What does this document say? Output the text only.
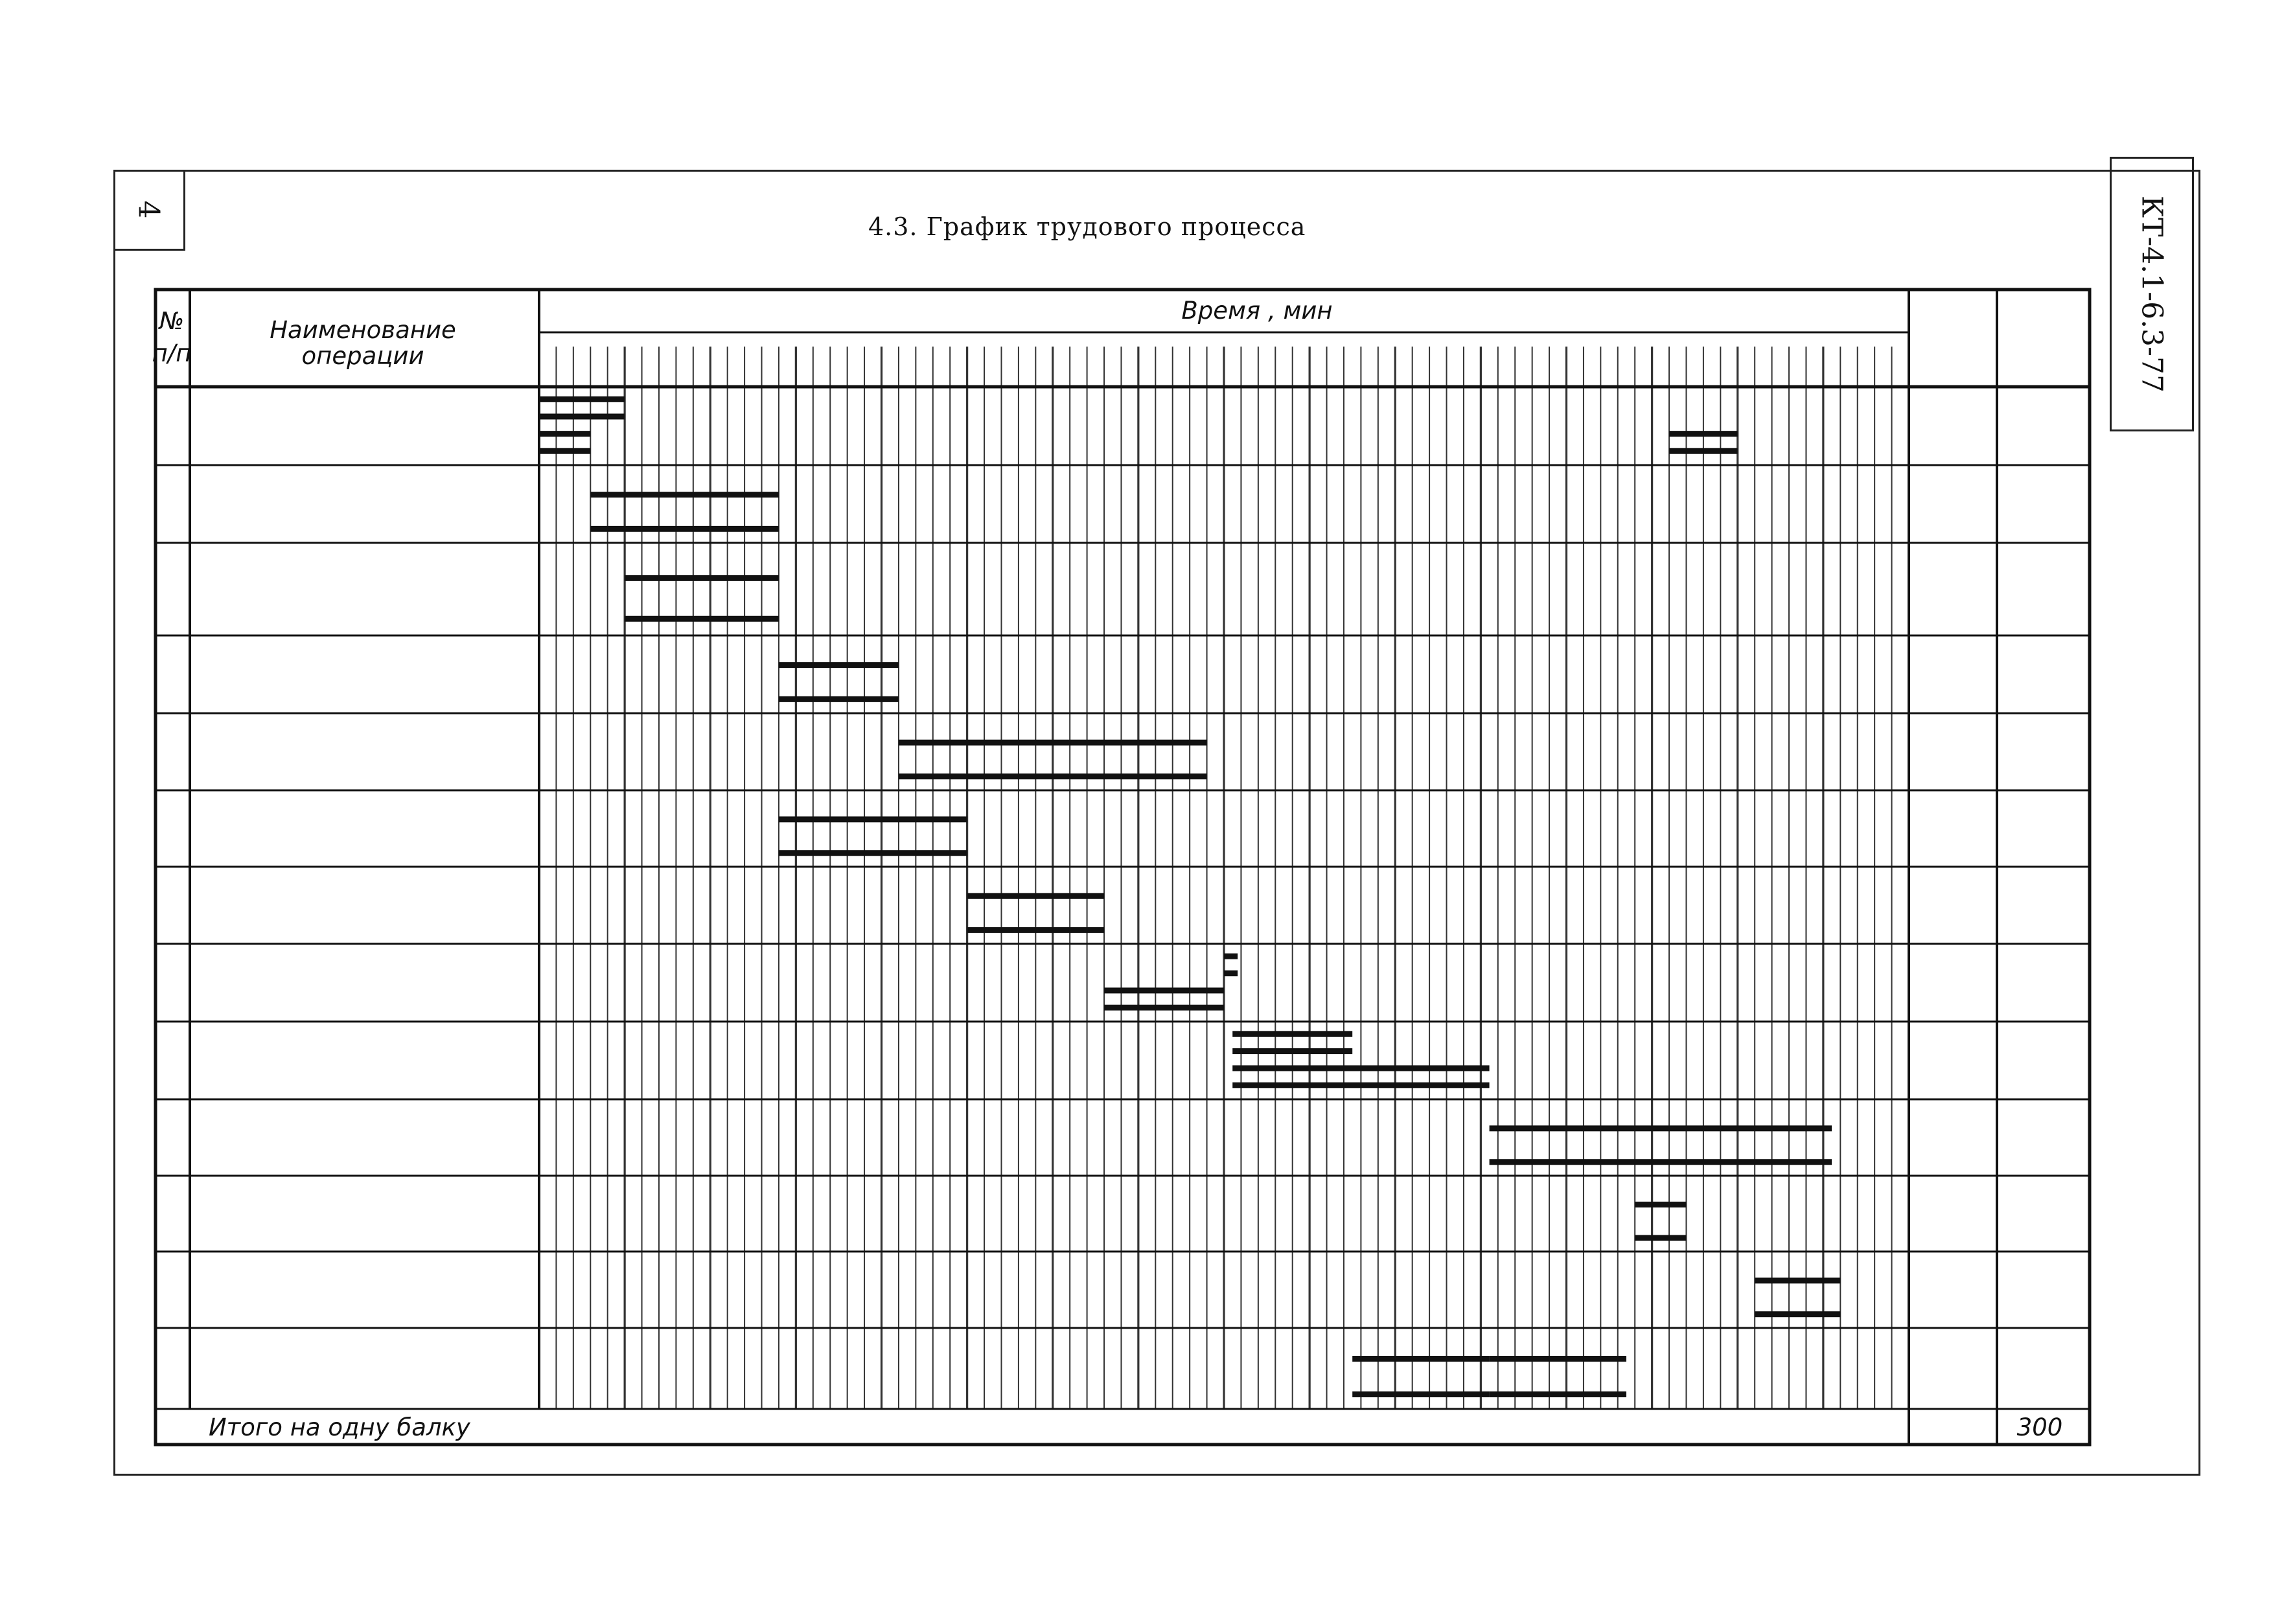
4
4.3. График трудового процесса	КТ-4.1-6.3-77
№
п/п
Наименование
операции
Время , мин
Итого на одну балку	300
